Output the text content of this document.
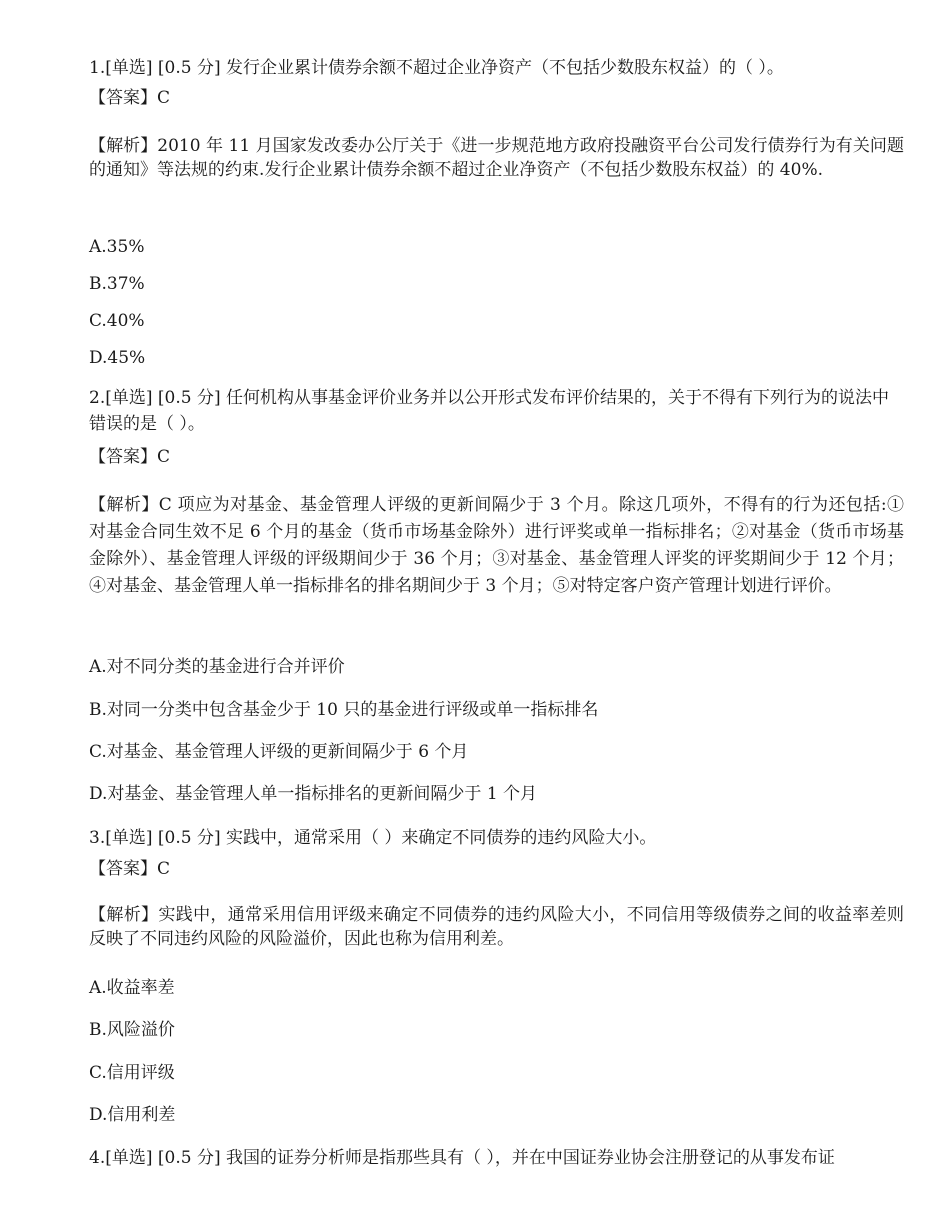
1.[单选] [0.5 分] 发行企业累计债券余额不超过企业净资产（不包括少数股东权益）的（ ）。

【答案】C

【解析】2010 年 11 月国家发改委办公厅关于《进一步规范地方政府投融资平台公司发行债券行为有关问题的通知》等法规的约束.发行企业累计债券余额不超过企业净资产（不包括少数股东权益）的 40%.

A.35%

B.37%

C.40%

D.45%

2.[单选] [0.5 分] 任何机构从事基金评价业务并以公开形式发布评价结果的，关于不得有下列行为的说法中错误的是（ ）。

【答案】C

【解析】C 项应为对基金、基金管理人评级的更新间隔少于 3 个月。除这几项外，不得有的行为还包括:① 对基金合同生效不足 6 个月的基金（货币市场基金除外）进行评奖或单一指标排名；②对基金（货币市场基金除外）、基金管理人评级的评级期间少于 36 个月；③对基金、基金管理人评奖的评奖期间少于 12 个月；④对基金、基金管理人单一指标排名的排名期间少于 3 个月；⑤对特定客户资产管理计划进行评价。

A.对不同分类的基金进行合并评价

B.对同一分类中包含基金少于 10 只的基金进行评级或单一指标排名

C.对基金、基金管理人评级的更新间隔少于 6 个月

D.对基金、基金管理人单一指标排名的更新间隔少于 1 个月

3.[单选] [0.5 分] 实践中，通常采用（ ）来确定不同债券的违约风险大小。

【答案】C

【解析】实践中，通常采用信用评级来确定不同债券的违约风险大小，不同信用等级债券之间的收益率差则反映了不同违约风险的风险溢价，因此也称为信用利差。

A.收益率差

B.风险溢价

C.信用评级

D.信用利差

4.[单选] [0.5 分] 我国的证券分析师是指那些具有（ ），并在中国证券业协会注册登记的从事发布证
